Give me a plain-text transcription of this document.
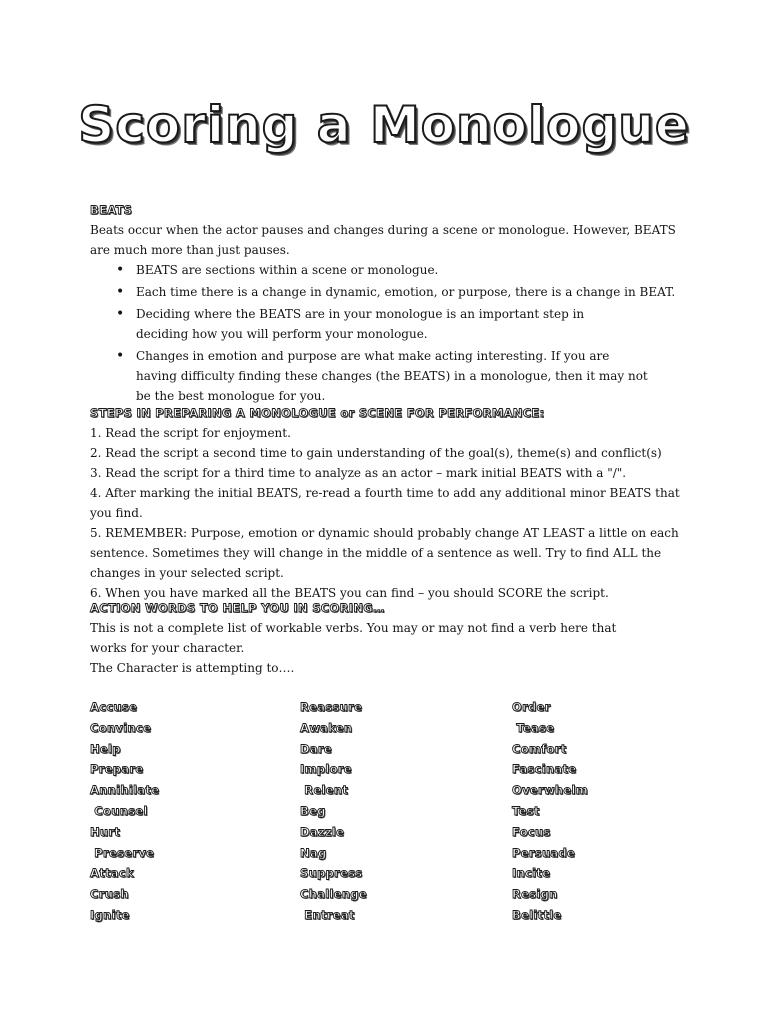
Scoring a Monologue
BEATS

Beats occur when the actor pauses and changes during a scene or monologue. However, BEATS are much more than just pauses.

• BEATS are sections within a scene or monologue.
• Each time there is a change in dynamic, emotion, or purpose, there is a change in BEAT.
• Deciding where the BEATS are in your monologue is an important step in deciding how you will perform your monologue.
• Changes in emotion and purpose are what make acting interesting. If you are having difficulty finding these changes (the BEATS) in a monologue, then it may not be the best monologue for you.
STEPS IN PREPARING A MONOLOGUE or SCENE FOR PERFORMANCE:

1. Read the script for enjoyment.

2. Read the script a second time to gain understanding of the goal(s), theme(s) and conflict(s)

3. Read the script for a third time to analyze as an actor – mark initial BEATS with a "/".

4. After marking the initial BEATS, re-read a fourth time to add any additional minor BEATS that you find.

5. REMEMBER: Purpose, emotion or dynamic should probably change AT LEAST a little on each sentence. Sometimes they will change in the middle of a sentence as well. Try to find ALL the changes in your selected script.

6. When you have marked all the BEATS you can find – you should SCORE the script.

ACTION WORDS TO HELP YOU IN SCORING…

This is not a complete list of workable verbs. You may or may not find a verb here that works for your character.

The Character is attempting to….

Accuse
Convince
Help
Prepare
Annihilate
Counsel
Hurt
Preserve
Attack
Crush
Ignite
Reassure
Awaken
Dare
Implore
Relent
Beg
Dazzle
Nag
Suppress
Challenge
Entreat
Order
Tease
Comfort
Fascinate
Overwhelm
Test
Focus
Persuade
Incite
Resign
Belittle
